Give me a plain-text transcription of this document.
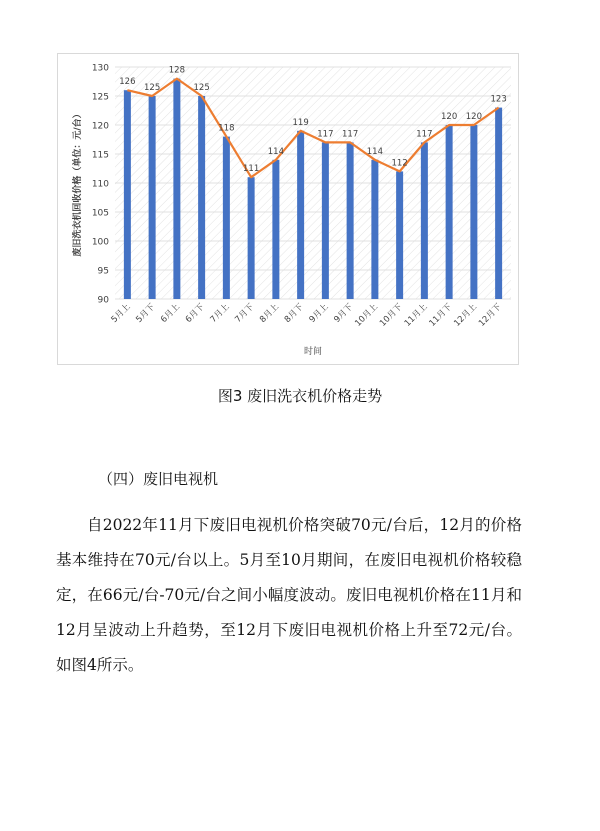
90
95
100
105
110
115
120
125
130
126
125
128
125
118
111
114
119
117 117
114
112
117
120 120
123
5月上 5月下 6月上 6月下 7月上 7月下 8月上 8月下 9月上 9月下
10月上
10月下
11月上
11月下
12月上
12月下
时间
废旧洗衣机回收价格（单位：元/台）
图3 废旧洗衣机价格走势
（四）废旧电视机

自2022年11月下废旧电视机价格突破70元/台后，12月的价格基本维持在70元/台以上。5月至10月期间，在废旧电视机价格较稳定，在66元/台-70元/台之间小幅度波动。废旧电视机价格在11月和12月呈波动上升趋势，至12月下废旧电视机价格上升至72元/台。如图4所示。
